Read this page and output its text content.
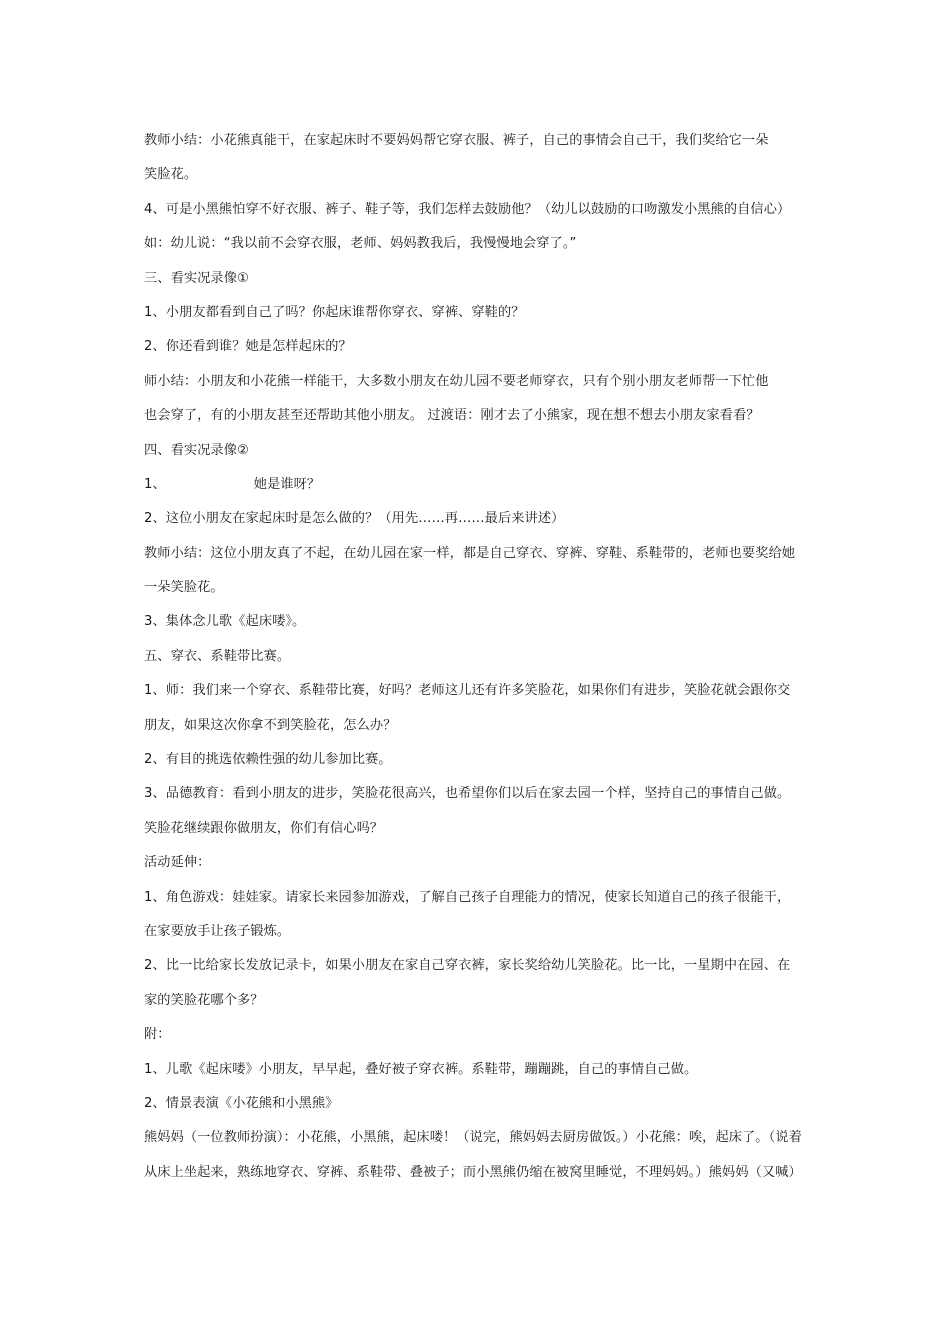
教师小结：小花熊真能干，在家起床时不要妈妈帮它穿衣服、裤子，自己的事情会自己干，我们奖给它一朵
笑脸花。
4、可是小黑熊怕穿不好衣服、裤子、鞋子等，我们怎样去鼓励他？（幼儿以鼓励的口吻激发小黑熊的自信心）
如：幼儿说：“我以前不会穿衣服，老师、妈妈教我后，我慢慢地会穿了。”
三、看实况录像①
1、小朋友都看到自己了吗？你起床谁帮你穿衣、穿裤、穿鞋的？
2、你还看到谁？她是怎样起床的？
师小结：小朋友和小花熊一样能干，大多数小朋友在幼儿园不要老师穿衣，只有个别小朋友老师帮一下忙他
也会穿了，有的小朋友甚至还帮助其他小朋友。 过渡语：刚才去了小熊家，现在想不想去小朋友家看看？
四、看实况录像②
1、	她是谁呀？
2、这位小朋友在家起床时是怎么做的？（用先……再……最后来讲述）
教师小结：这位小朋友真了不起，在幼儿园在家一样，都是自己穿衣、穿裤、穿鞋、系鞋带的，老师也要奖给她
一朵笑脸花。
3、集体念儿歌《起床喽》。
五、穿衣、系鞋带比赛。
1、师：我们来一个穿衣、系鞋带比赛，好吗？老师这儿还有许多笑脸花，如果你们有进步，笑脸花就会跟你交
朋友，如果这次你拿不到笑脸花，怎么办？
2、有目的挑选依赖性强的幼儿参加比赛。
3、品德教育：看到小朋友的进步，笑脸花很高兴，也希望你们以后在家去园一个样，坚持自己的事情自己做。
笑脸花继续跟你做朋友，你们有信心吗？
活动延伸：
1、角色游戏：娃娃家。请家长来园参加游戏，了解自己孩子自理能力的情况，使家长知道自己的孩子很能干，
在家要放手让孩子锻炼。
2、比一比给家长发放记录卡，如果小朋友在家自己穿衣裤，家长奖给幼儿笑脸花。比一比，一星期中在园、在
家的笑脸花哪个多？
附：
1、儿歌《起床喽》小朋友，早早起，叠好被子穿衣裤。系鞋带，蹦蹦跳，自己的事情自己做。
2、情景表演《小花熊和小黑熊》
熊妈妈（一位教师扮演）：小花熊，小黑熊，起床喽！（说完，熊妈妈去厨房做饭。）小花熊：唉，起床了。（说着
从床上坐起来，熟练地穿衣、穿裤、系鞋带、叠被子；而小黑熊仍缩在被窝里睡觉，不理妈妈。）熊妈妈（又喊）
